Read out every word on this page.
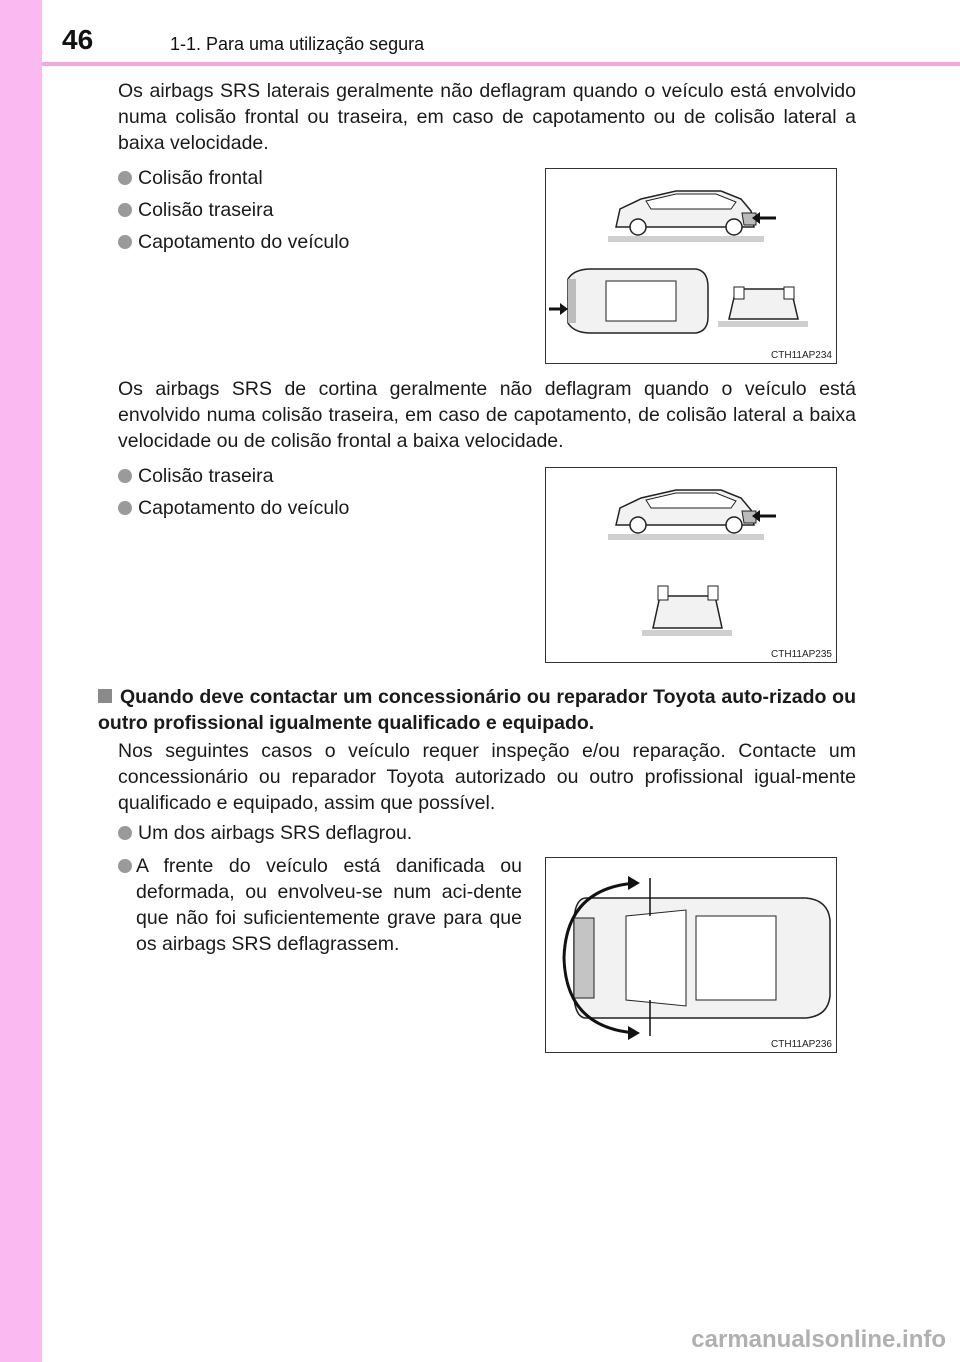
46	1-1. Para uma utilização segura
Os airbags SRS laterais geralmente não deflagram quando o veículo está envolvido numa colisão frontal ou traseira, em caso de capotamento ou de colisão lateral a baixa velocidade.
Colisão frontal
Colisão traseira
Capotamento do veículo
CTH11AP234
Os airbags SRS de cortina geralmente não deflagram quando o veículo está envolvido numa colisão traseira, em caso de capotamento, de colisão lateral a baixa velocidade ou de colisão frontal a baixa velocidade.
Colisão traseira
Capotamento do veículo
CTH11AP235
Quando deve contactar um concessionário ou reparador Toyota auto-rizado ou outro profissional igualmente qualificado e equipado.
Nos seguintes casos o veículo requer inspeção e/ou reparação. Contacte um concessionário ou reparador Toyota autorizado ou outro profissional igual-mente qualificado e equipado, assim que possível.
Um dos airbags SRS deflagrou.
A frente do veículo está danificada ou deformada, ou envolveu-se num aci-dente que não foi suficientemente grave para que os airbags SRS deflagrassem.
CTH11AP236
carmanualsonline.info
